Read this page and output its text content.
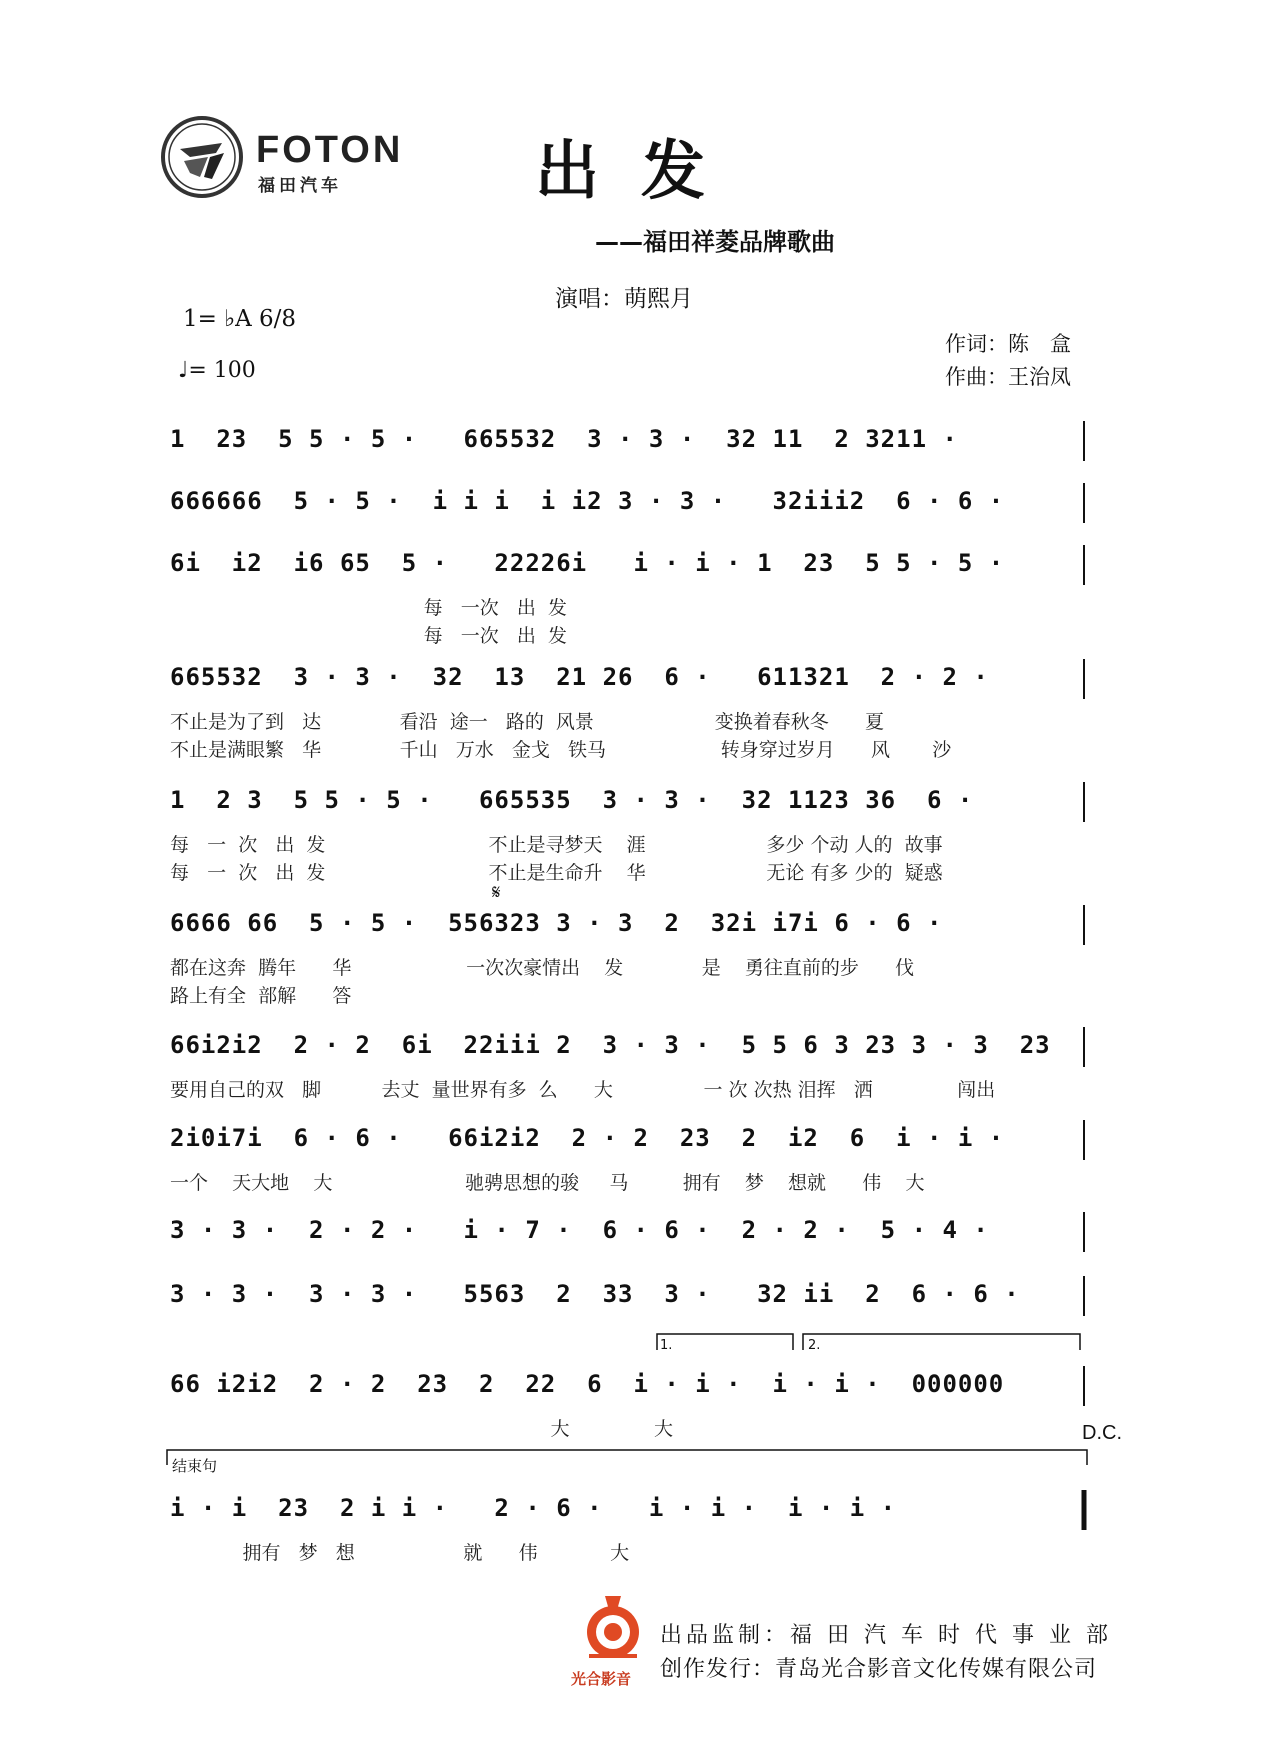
FOTON
福田汽车	出发
——福田祥菱品牌歌曲
演唱：萌熙月
1= ♭A 6/8
♩= 100
作词：陈　盒
作曲：王治凤
1  23  5 5 · 5 ·   665532  3 · 3 ·  32 11  2 3211 ·
666666  5 · 5 ·  i i i  i i2 3 · 3 ·   32iii2  6 · 6 ·
6i  i2  i6 65  5 ·   22226i   i · i · 1  23  5 5 · 5 ·
每   一次   出  发
每   一次   出  发
665532  3 · 3 ·  32  13  21 26  6 ·   611321  2 · 2 ·
不止是为了到   达             看沿  途一   路的  风景                    变换着春秋冬      夏
不止是满眼繁   华             千山   万水   金戈   铁马                   转身穿过岁月      风       沙
1  2 3  5 5 · 5 ·   665535  3 · 3 ·  32 1123 36  6 ·
每   一  次   出  发                           不止是寻梦天    涯                    多少 个动 人的  故事
每   一  次   出  发                           不止是生命升    华                    无论 有多 少的  疑惑
6666 66  5 · 5 ·  556323 3 · 3  2  32i i7i 6 · 6 ·
都在这奔  腾年      华                   一次次豪情出    发             是    勇往直前的步      伐
路上有全  部解      答
66i2i2  2 · 2  6i  22iii 2  3 · 3 ·  5 5 6 3 23 3 · 3  23
要用自己的双   脚          去丈  量世界有多  么      大               一 次 次热 泪挥   洒              闯出
2i0i7i  6 · 6 ·   66i2i2  2 · 2  23  2  i2  6  i · i ·
一个    天大地    大                      驰骋思想的骏     马         拥有    梦    想就      伟    大
3 · 3 ·  2 · 2 ·   i · 7 ·  6 · 6 ·  2 · 2 ·  5 · 4 ·
3 · 3 ·  3 · 3 ·   5563  2  33  3 ·   32 ii  2  6 · 6 ·
66 i2i2  2 · 2  23  2  22  6  i · i ·  i · i ·  000000
大              大
i · i  23  2 i i ·   2 · 6 ·   i · i ·  i · i ·
拥有   梦   想                  就      伟            大
𝄋
1.	2.
D.C.
结束句
光合影音
出品监制：福 田 汽 车 时 代 事 业 部
创作发行：青岛光合影音文化传媒有限公司
